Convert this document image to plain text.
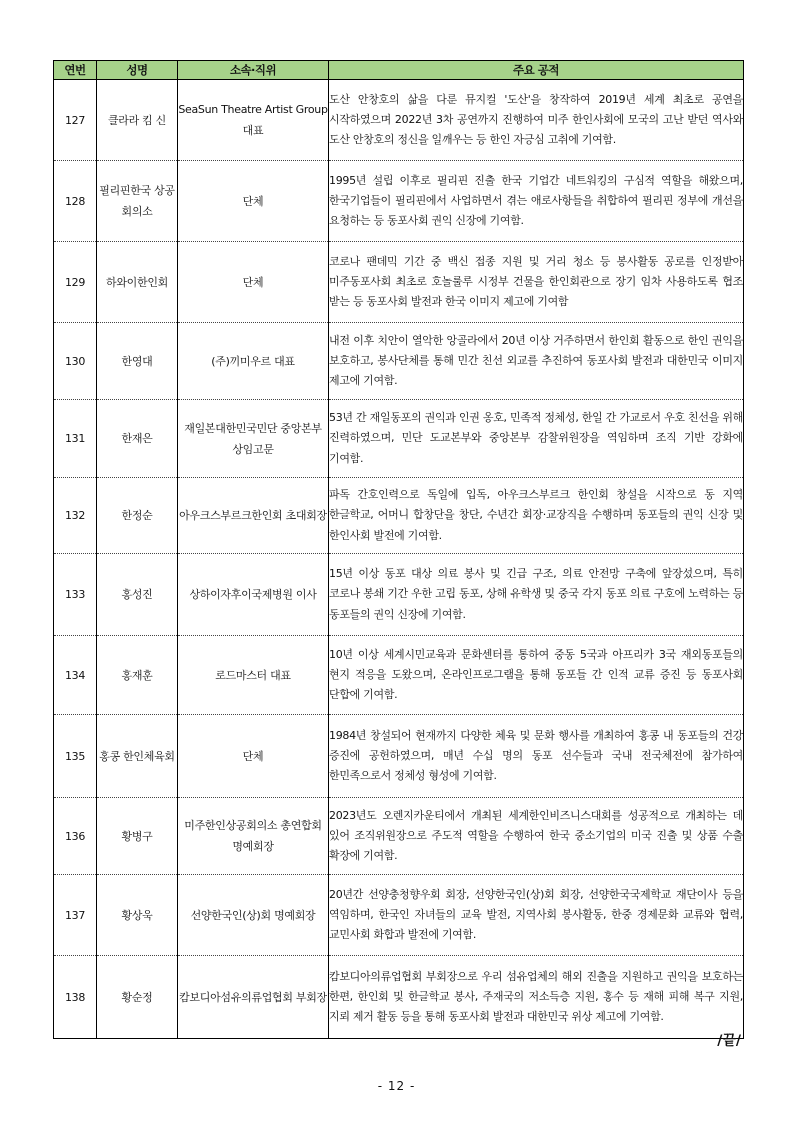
연번	성명	소속·직위	주요 공적
127	클라라 킴 신	SeaSun Theatre Artist Group 대표	도산 안창호의 삶을 다룬 뮤지컬 '도산'을 창작하여 2019년 세계 최초로 공연을 시작하였으며 2022년 3차 공연까지 진행하여 미주 한인사회에 모국의 고난 받던 역사와 도산 안창호의 정신을 일깨우는 등 한인 자긍심 고취에 기여함.

128	필리핀한국 상공회의소	단체	1995년 설립 이후로 필리핀 진출 한국 기업간 네트워킹의 구심적 역할을 해왔으며, 한국기업들이 필리핀에서 사업하면서 겪는 애로사항들을 취합하여 필리핀 정부에 개선을 요청하는 등 동포사회 권익 신장에 기여함.

129	하와이한인회	단체	코로나 팬데믹 기간 중 백신 접종 지원 및 거리 청소 등 봉사활동 공로를 인정받아 미주동포사회 최초로 호놀룰루 시정부 건물을 한인회관으로 장기 임차 사용하도록 협조 받는 등 동포사회 발전과 한국 이미지 제고에 기여함

130	한영대	(주)끼미우르 대표	내전 이후 치안이 열악한 앙골라에서 20년 이상 거주하면서 한인회 활동으로 한인 권익을 보호하고, 봉사단체를 통해 민간 친선 외교를 추진하여 동포사회 발전과 대한민국 이미지 제고에 기여함.

131	한재은	재일본대한민국민단 중앙본부 상임고문	53년 간 재일동포의 권익과 인권 옹호, 민족적 정체성, 한일 간 가교로서 우호 친선을 위해 진력하였으며, 민단 도교본부와 중앙본부 감찰위원장을 역임하며 조직 기반 강화에 기여함.

132	한정순	아우크스부르크한인회 초대회장	파독 간호인력으로 독일에 입독, 아우크스부르크 한인회 창설을 시작으로 동 지역 한글학교, 어머니 합창단을 창단, 수년간 회장·교장직을 수행하며 동포들의 권익 신장 및 한인사회 발전에 기여함.

133	홍성진	상하이자후이국제병원 이사	15년 이상 동포 대상 의료 봉사 및 긴급 구조, 의료 안전망 구축에 앞장섰으며, 특히 코로나 봉쇄 기간 우한 고립 동포, 상해 유학생 및 중국 각지 동포 의료 구호에 노력하는 등 동포들의 권익 신장에 기여함.

134	홍재훈	로드마스터 대표	10년 이상 세계시민교육과 문화센터를 통하여 중동 5국과 아프리카 3국 재외동포들의 현지 적응을 도왔으며, 온라인프로그램을 통해 동포들 간 인적 교류 증진 등 동포사회 단합에 기여함.

135	홍콩 한인체육회	단체	1984년 창설되어 현재까지 다양한 체육 및 문화 행사를 개최하여 홍콩 내 동포들의 건강 증진에 공헌하였으며, 매년 수십 명의 동포 선수들과 국내 전국체전에 참가하여 한민족으로서 정체성 형성에 기여함.

136	황병구	미주한인상공회의소 총연합회 명예회장	2023년도 오렌지카운티에서 개최된 세계한인비즈니스대회를 성공적으로 개최하는 데 있어 조직위원장으로 주도적 역할을 수행하여 한국 중소기업의 미국 진출 및 상품 수출 확장에 기여함.

137	황상욱	선양한국인(상)회 명예회장	20년간 선양충청향우회 회장, 선양한국인(상)회 회장, 선양한국국제학교 재단이사 등을 역임하며, 한국인 자녀들의 교육 발전, 지역사회 봉사활동, 한중 경제문화 교류와 협력, 교민사회 화합과 발전에 기여함.

138	황순정	캄보디아섬유의류업협회 부회장	캄보디아의류업협회 부회장으로 우리 섬유업체의 해외 진출을 지원하고 권익을 보호하는 한편, 한인회 및 한글학교 봉사, 주재국의 저소득층 지원, 홍수 등 재해 피해 복구 지원, 지뢰 제거 활동 등을 통해 동포사회 발전과 대한민국 위상 제고에 기여함.
/끝/
- 12 -
